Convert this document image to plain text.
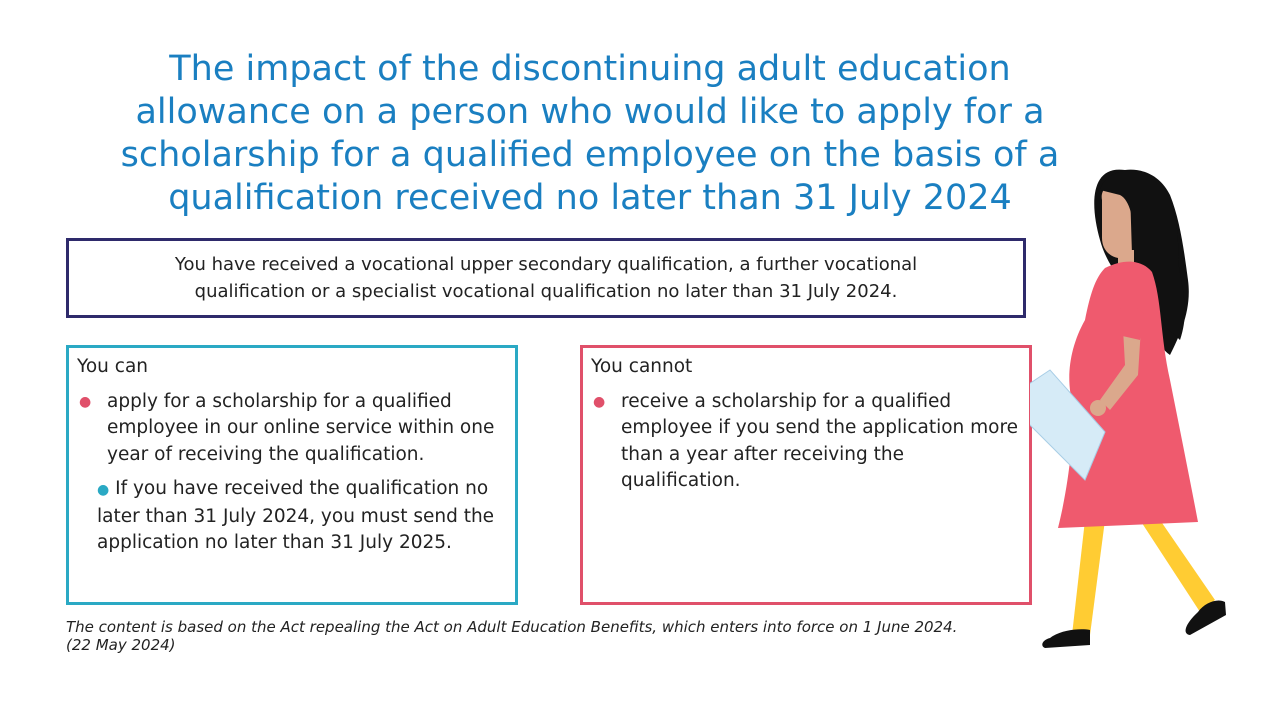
The impact of the discontinuing adult education allowance on a person who would like to apply for a scholarship for a qualified employee on the basis of a qualification received no later than 31 July 2024
You have received a vocational upper secondary qualification, a further vocational qualification or a specialist vocational qualification no later than 31 July 2024.
You can

● apply for a scholarship for a qualified employee in our online service within one year of receiving the qualification.

● If you have received the qualification no later than 31 July 2024, you must send the application no later than 31 July 2025.

You cannot

● receive a scholarship for a qualified employee if you send the application more than a year after receiving the qualification.

The content is based on the Act repealing the Act on Adult Education Benefits, which enters into force on 1 June 2024.
(22 May 2024)
